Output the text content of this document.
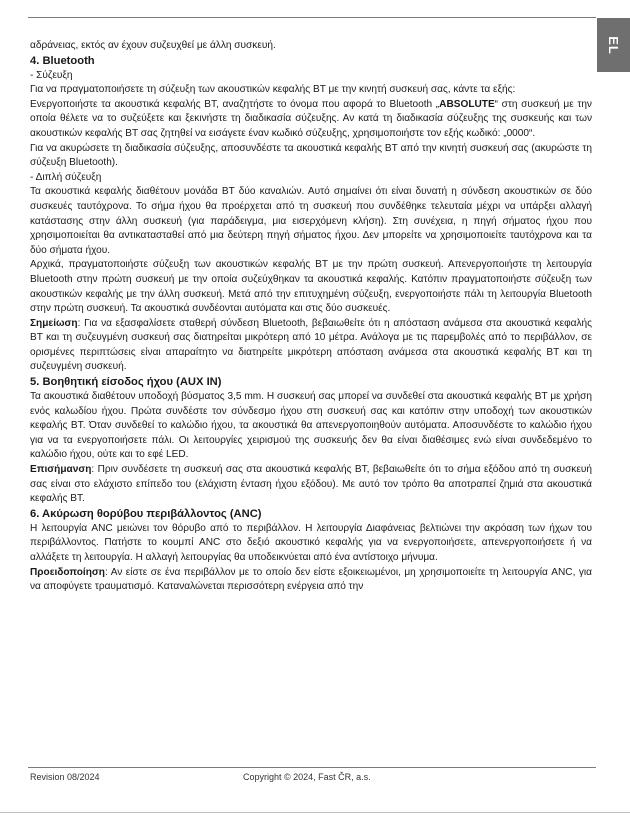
EL

αδράνειας, εκτός αν έχουν συζευχθεί με άλλη συσκευή.

4. Bluetooth

- Σύζευξη

Για να πραγματοποιήσετε τη σύζευξη των ακουστικών κεφαλής BT με την κινητή συσκευή σας, κάντε τα εξής:

Ενεργοποιήστε τα ακουστικά κεφαλής BT, αναζητήστε το όνομα που αφορά το Bluetooth „ABSOLUTE“ στη συσκευή με την οποία θέλετε να το συζεύξετε και ξεκινήστε τη διαδικασία σύζευξης. Αν κατά τη διαδικασία σύζευξης της συσκευής και των ακουστικών κεφαλής BT σας ζητηθεί να εισάγετε έναν κωδικό σύζευξης, χρησιμοποιήστε τον εξής κωδικό: „0000“.

Για να ακυρώσετε τη διαδικασία σύζευξης, αποσυνδέστε τα ακουστικά κεφαλής BT από την κινητή συσκευή σας (ακυρώστε τη σύζευξη Bluetooth).

- Διπλή σύζευξη

Τα ακουστικά κεφαλής διαθέτουν μονάδα BT δύο καναλιών. Αυτό σημαίνει ότι είναι δυνατή η σύνδεση ακουστικών σε δύο συσκευές ταυτόχρονα. Το σήμα ήχου θα προέρχεται από τη συσκευή που συνδέθηκε τελευταία μέχρι να υπάρξει αλλαγή κατάστασης στην άλλη συσκευή (για παράδειγμα, μια εισερχόμενη κλήση). Στη συνέχεια, η πηγή σήματος ήχου που χρησιμοποιείται θα αντικατασταθεί από μια δεύτερη πηγή σήματος ήχου. Δεν μπορείτε να χρησιμοποιείτε ταυτόχρονα και τα δύο σήματα ήχου.

Αρχικά, πραγματοποιήστε σύζευξη των ακουστικών κεφαλής BT με την πρώτη συσκευή. Απενεργοποιήστε τη λειτουργία Bluetooth στην πρώτη συσκευή με την οποία συζεύχθηκαν τα ακουστικά κεφαλής. Κατόπιν πραγματοποιήστε σύζευξη των ακουστικών κεφαλής με την άλλη συσκευή. Μετά από την επιτυχημένη σύζευξη, ενεργοποιήστε πάλι τη λειτουργία Bluetooth στην πρώτη συσκευή. Τα ακουστικά συνδέονται αυτόματα και στις δύο συσκευές.

Σημείωση: Για να εξασφαλίσετε σταθερή σύνδεση Bluetooth, βεβαιωθείτε ότι η απόσταση ανάμεσα στα ακουστικά κεφαλής BT και τη συζευγμένη συσκευή σας διατηρείται μικρότερη από 10 μέτρα. Ανάλογα με τις παρεμβολές από το περιβάλλον, σε ορισμένες περιπτώσεις είναι απαραίτητο να διατηρείτε μικρότερη απόσταση ανάμεσα στα ακουστικά κεφαλής BT και τη συζευγμένη συσκευή.

5. Βοηθητική είσοδος ήχου (AUX IN)

Τα ακουστικά διαθέτουν υποδοχή βύσματος 3,5 mm. Η συσκευή σας μπορεί να συνδεθεί στα ακουστικά κεφαλής BT με χρήση ενός καλωδίου ήχου. Πρώτα συνδέστε τον σύνδεσμο ήχου στη συσκευή σας και κατόπιν στην υποδοχή των ακουστικών κεφαλής BT. Όταν συνδεθεί το καλώδιο ήχου, τα ακουστικά θα απενεργοποιηθούν αυτόματα. Αποσυνδέστε το καλώδιο ήχου για να τα ενεργοποιήσετε πάλι. Οι λειτουργίες χειρισμού της συσκευής δεν θα είναι διαθέσιμες ενώ είναι συνδεδεμένο το καλώδιο ήχου, ούτε και το εφέ LED.

Επισήμανση: Πριν συνδέσετε τη συσκευή σας στα ακουστικά κεφαλής BT, βεβαιωθείτε ότι το σήμα εξόδου από τη συσκευή σας είναι στο ελάχιστο επίπεδο του (ελάχιστη ένταση ήχου εξόδου). Με αυτό τον τρόπο θα αποτραπεί ζημιά στα ακουστικά κεφαλής BT.

6. Ακύρωση θορύβου περιβάλλοντος (ANC)

Η λειτουργία ANC μειώνει τον θόρυβο από το περιβάλλον. Η λειτουργία Διαφάνειας βελτιώνει την ακρόαση των ήχων του περιβάλλοντος. Πατήστε το κουμπί ANC στο δεξιό ακουστικό κεφαλής για να ενεργοποιήσετε, απενεργοποιήσετε ή να αλλάξετε τη λειτουργία. Η αλλαγή λειτουργίας θα υποδεικνύεται από ένα αντίστοιχο μήνυμα.

Προειδοποίηση: Αν είστε σε ένα περιβάλλον με το οποίο δεν είστε εξοικειωμένοι, μη χρησιμοποιείτε τη λειτουργία ANC, για να αποφύγετε τραυματισμό. Καταναλώνεται περισσότερη ενέργεια από την

Revision 08/2024	Copyright © 2024, Fast ČR, a.s.
